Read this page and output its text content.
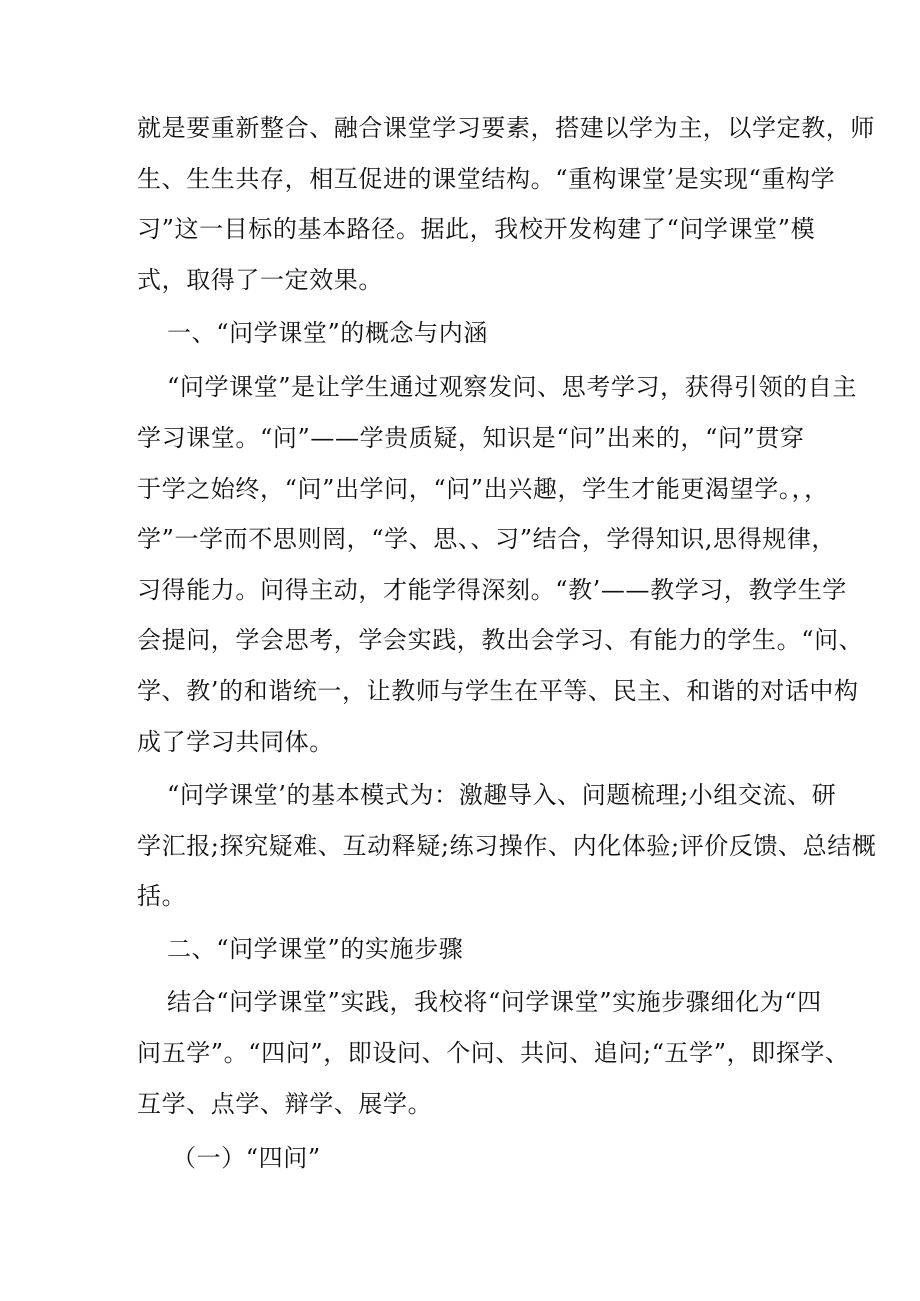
就是要重新整合、融合课堂学习要素，搭建以学为主，以学定教，师
生、生生共存，相互促进的课堂结构。“重构课堂’是实现“重构学
习”这一目标的基本路径。据此，我校开发构建了“问学课堂”模
式，取得了一定效果。
一、“问学课堂”的概念与内涵
“问学课堂”是让学生通过观察发问、思考学习，获得引领的自主
学习课堂。“问”——学贵质疑，知识是“问”出来的，“问”贯穿
于学之始终，“问”出学问，“问”出兴趣，学生才能更渴望学。，，
学”一学而不思则罔，“学、思、、习”结合，学得知识,思得规律，
习得能力。问得主动，才能学得深刻。“教’——教学习，教学生学
会提问，学会思考，学会实践，教出会学习、有能力的学生。“问、
学、教’的和谐统一，让教师与学生在平等、民主、和谐的对话中构
成了学习共同体。
“问学课堂’的基本模式为：激趣导入、问题梳理;小组交流、研
学汇报;探究疑难、互动释疑;练习操作、内化体验;评价反馈、总结概
括。
二、“问学课堂”的实施步骤
结合“问学课堂”实践，我校将“问学课堂”实施步骤细化为“四
问五学”。“四问”，即设问、个问、共问、追问;“五学”，即探学、
互学、点学、辩学、展学。
（一）“四问”
